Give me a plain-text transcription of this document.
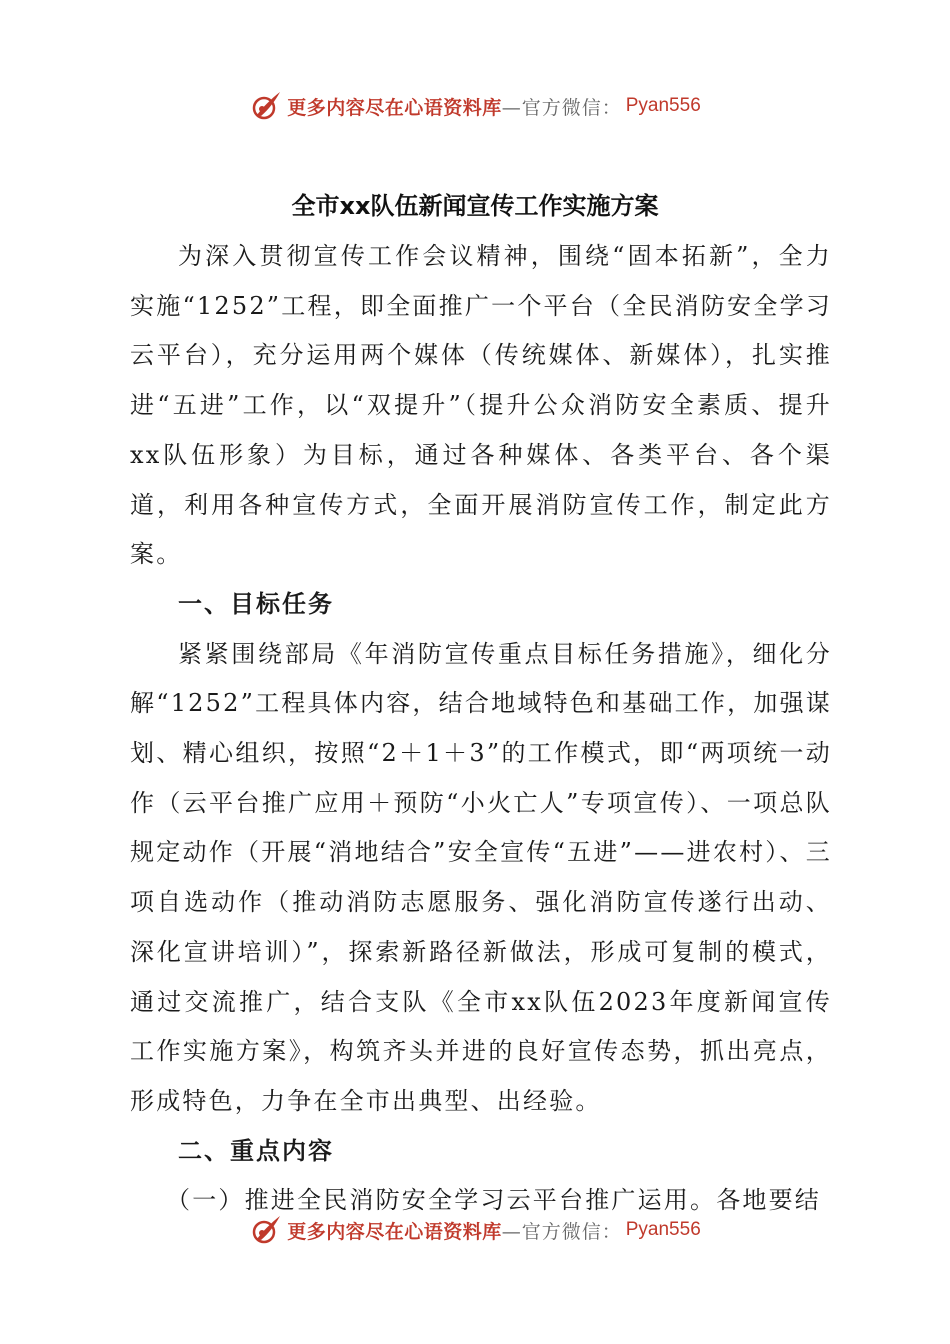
更多内容尽在心语资料库 —官方微信： Pyan556
全市xx队伍新闻宣传工作实施方案

为深入贯彻宣传工作会议精神，围绕“固本拓新”，全力实施“1252”工程，即全面推广一个平台（全民消防安全学习云平台），充分运用两个媒体（传统媒体、新媒体），扎实推进“五进”工作，以“双提升”（提升公众消防安全素质、提升xx队伍形象）为目标，通过各种媒体、各类平台、各个渠道，利用各种宣传方式，全面开展消防宣传工作，制定此方案。

一、目标任务

紧紧围绕部局《年消防宣传重点目标任务措施》，细化分解“1252”工程具体内容，结合地域特色和基础工作，加强谋划、精心组织，按照“2＋1＋3”的工作模式，即“两项统一动作（云平台推广应用＋预防“小火亡人”专项宣传）、一项总队规定动作（开展“消地结合”安全宣传“五进”——进农村）、三项自选动作（推动消防志愿服务、强化消防宣传遂行出动、深化宣讲培训）”，探索新路径新做法，形成可复制的模式，通过交流推广，结合支队《全市xx队伍2023年度新闻宣传工作实施方案》，构筑齐头并进的良好宣传态势，抓出亮点，形成特色，力争在全市出典型、出经验。

二、重点内容

（一）推进全民消防安全学习云平台推广运用。各地要结

更多内容尽在心语资料库 —官方微信： Pyan556
